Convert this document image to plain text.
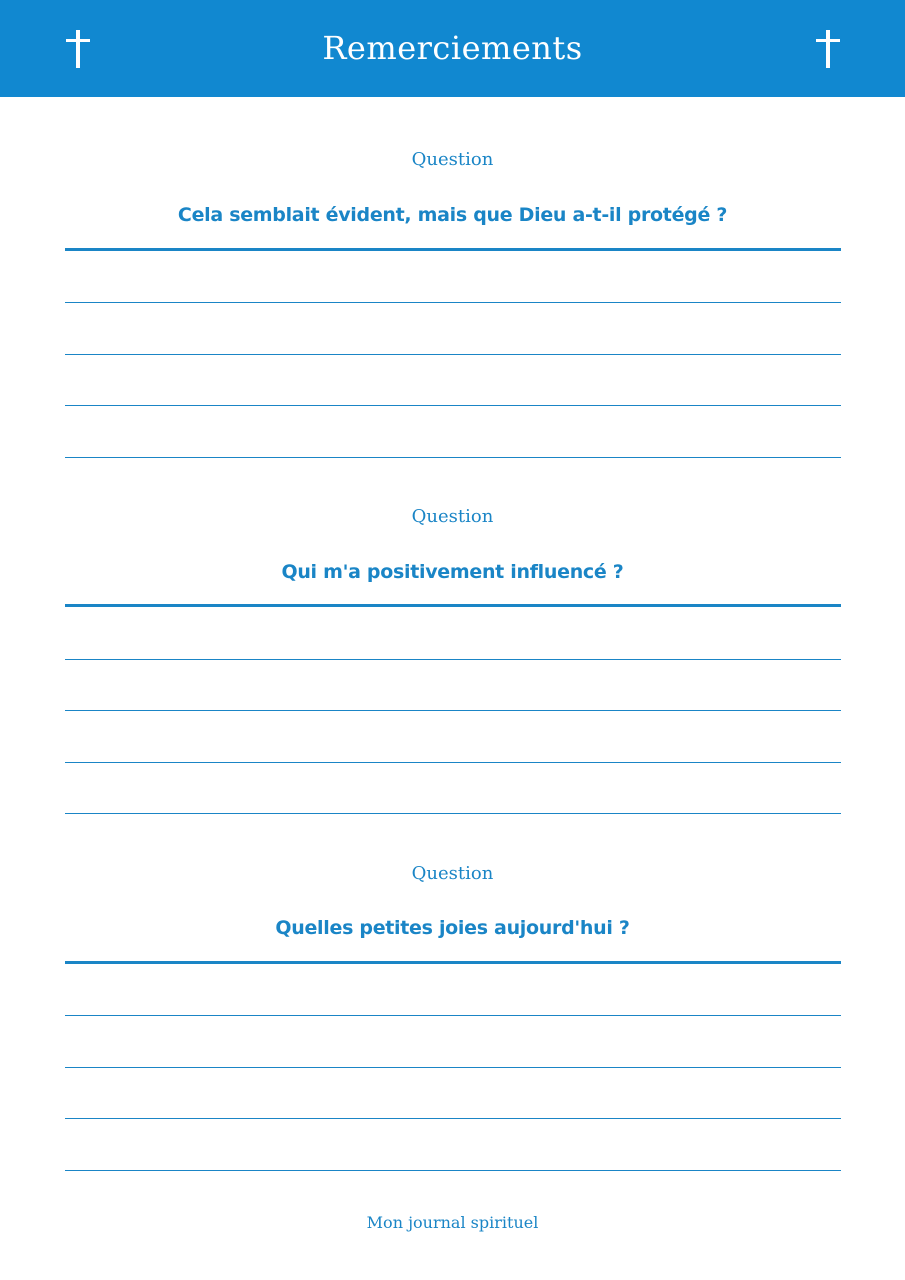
Remerciements
Question
Cela semblait évident, mais que Dieu a-t-il protégé ?
Question
Qui m'a positivement influencé ?
Question
Quelles petites joies aujourd'hui ?
Mon journal spirituel
